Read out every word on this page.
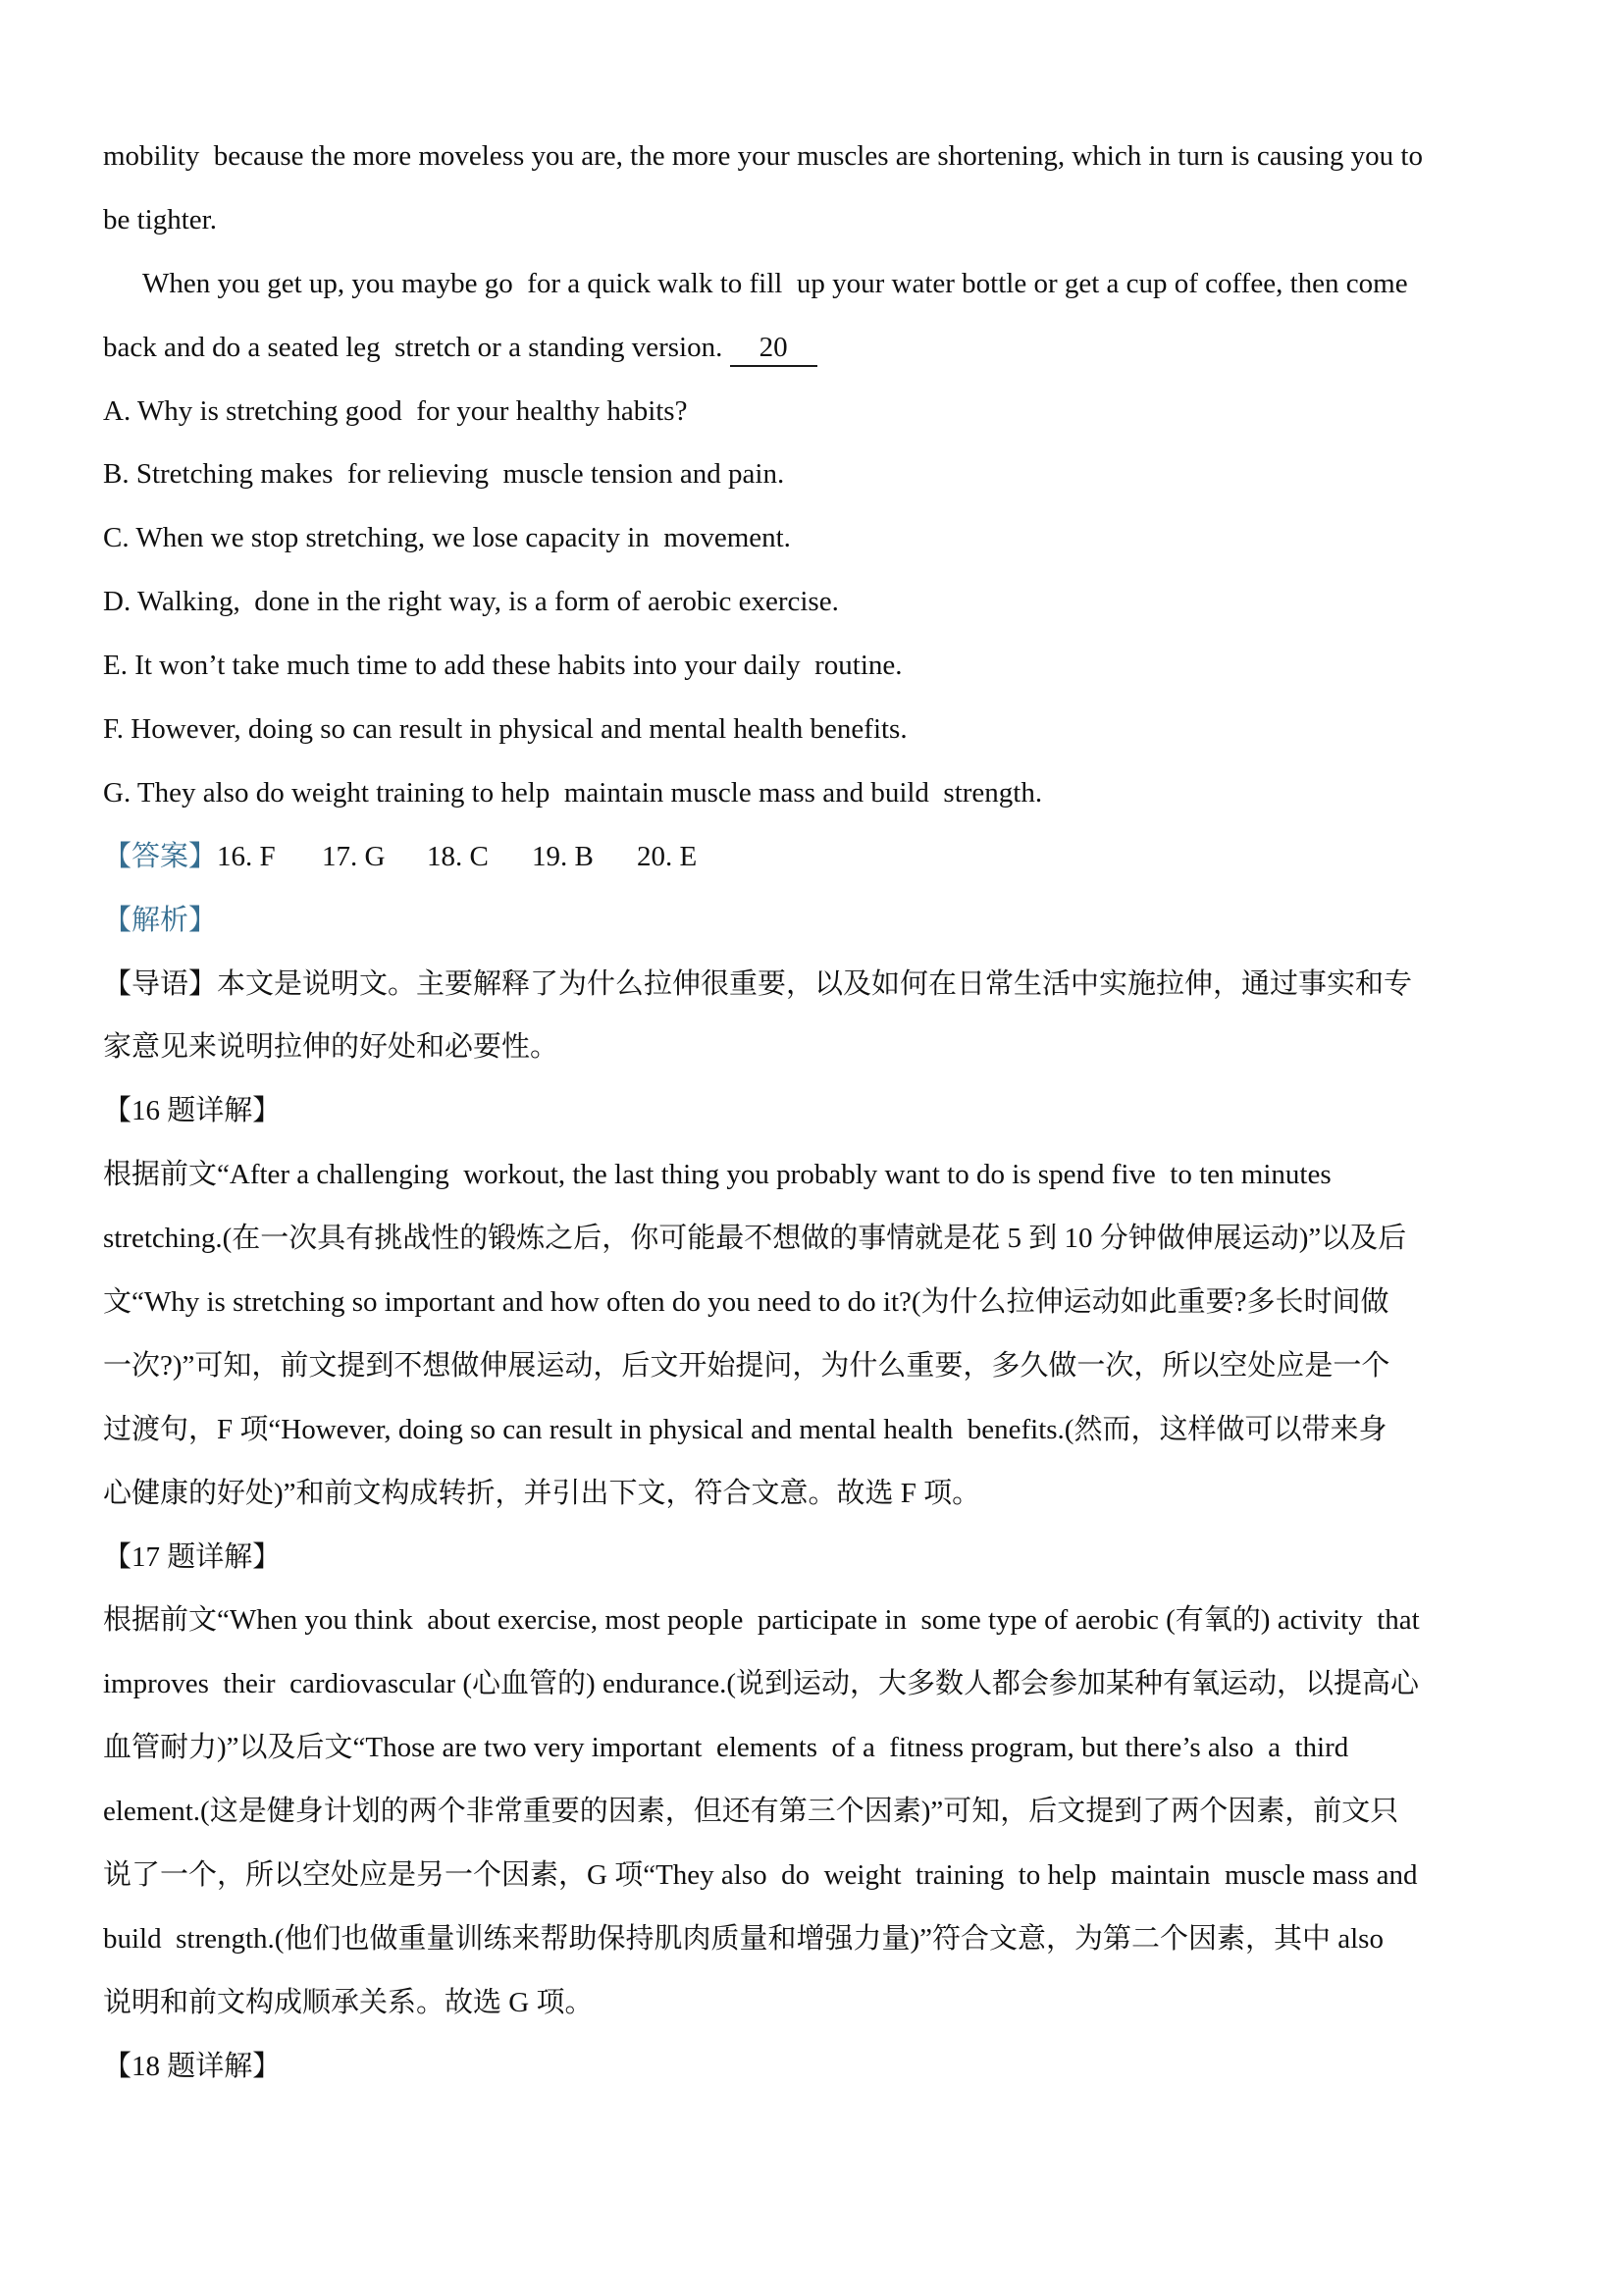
mobility  because the more moveless you are, the more your muscles are shortening, which in turn is causing you to
be tighter.
When you get up, you maybe go  for a quick walk to fill  up your water bottle or get a cup of coffee, then come
back and do a seated leg  stretch or a standing version. 20
A. Why is stretching good  for your healthy habits?
B. Stretching makes  for relieving  muscle tension and pain.
C. When we stop stretching, we lose capacity in  movement.
D. Walking,  done in the right way, is a form of aerobic exercise.
E. It won’t take much time to add these habits into your daily  routine.
F. However, doing so can result in physical and mental health benefits.
G. They also do weight training to help  maintain muscle mass and build  strength.
【答案】16. F 17. G 18. C 19. B 20. E
【解析】
【导语】本文是说明文。主要解释了为什么拉伸很重要，以及如何在日常生活中实施拉伸，通过事实和专
家意见来说明拉伸的好处和必要性。
【16 题详解】
根据前文“After a challenging  workout, the last thing you probably want to do is spend five  to ten minutes
stretching.(在一次具有挑战性的锻炼之后，你可能最不想做的事情就是花 5 到 10 分钟做伸展运动)”以及后
文“Why is stretching so important and how often do you need to do it?(为什么拉伸运动如此重要?多长时间做
一次?)”可知，前文提到不想做伸展运动，后文开始提问，为什么重要，多久做一次，所以空处应是一个
过渡句，F 项“However, doing so can result in physical and mental health  benefits.(然而，这样做可以带来身
心健康的好处)”和前文构成转折，并引出下文，符合文意。故选 F 项。
【17 题详解】
根据前文“When you think  about exercise, most people  participate in  some type of aerobic (有氧的) activity  that
improves  their  cardiovascular (心血管的) endurance.(说到运动，大多数人都会参加某种有氧运动，以提高心
血管耐力)”以及后文“Those are two very important  elements  of a  fitness program, but there’s also  a  third
element.(这是健身计划的两个非常重要的因素，但还有第三个因素)”可知，后文提到了两个因素，前文只
说了一个，所以空处应是另一个因素，G 项“They also  do  weight  training  to help  maintain  muscle mass and
build  strength.(他们也做重量训练来帮助保持肌肉质量和增强力量)”符合文意，为第二个因素，其中 also
说明和前文构成顺承关系。故选 G 项。
【18 题详解】
